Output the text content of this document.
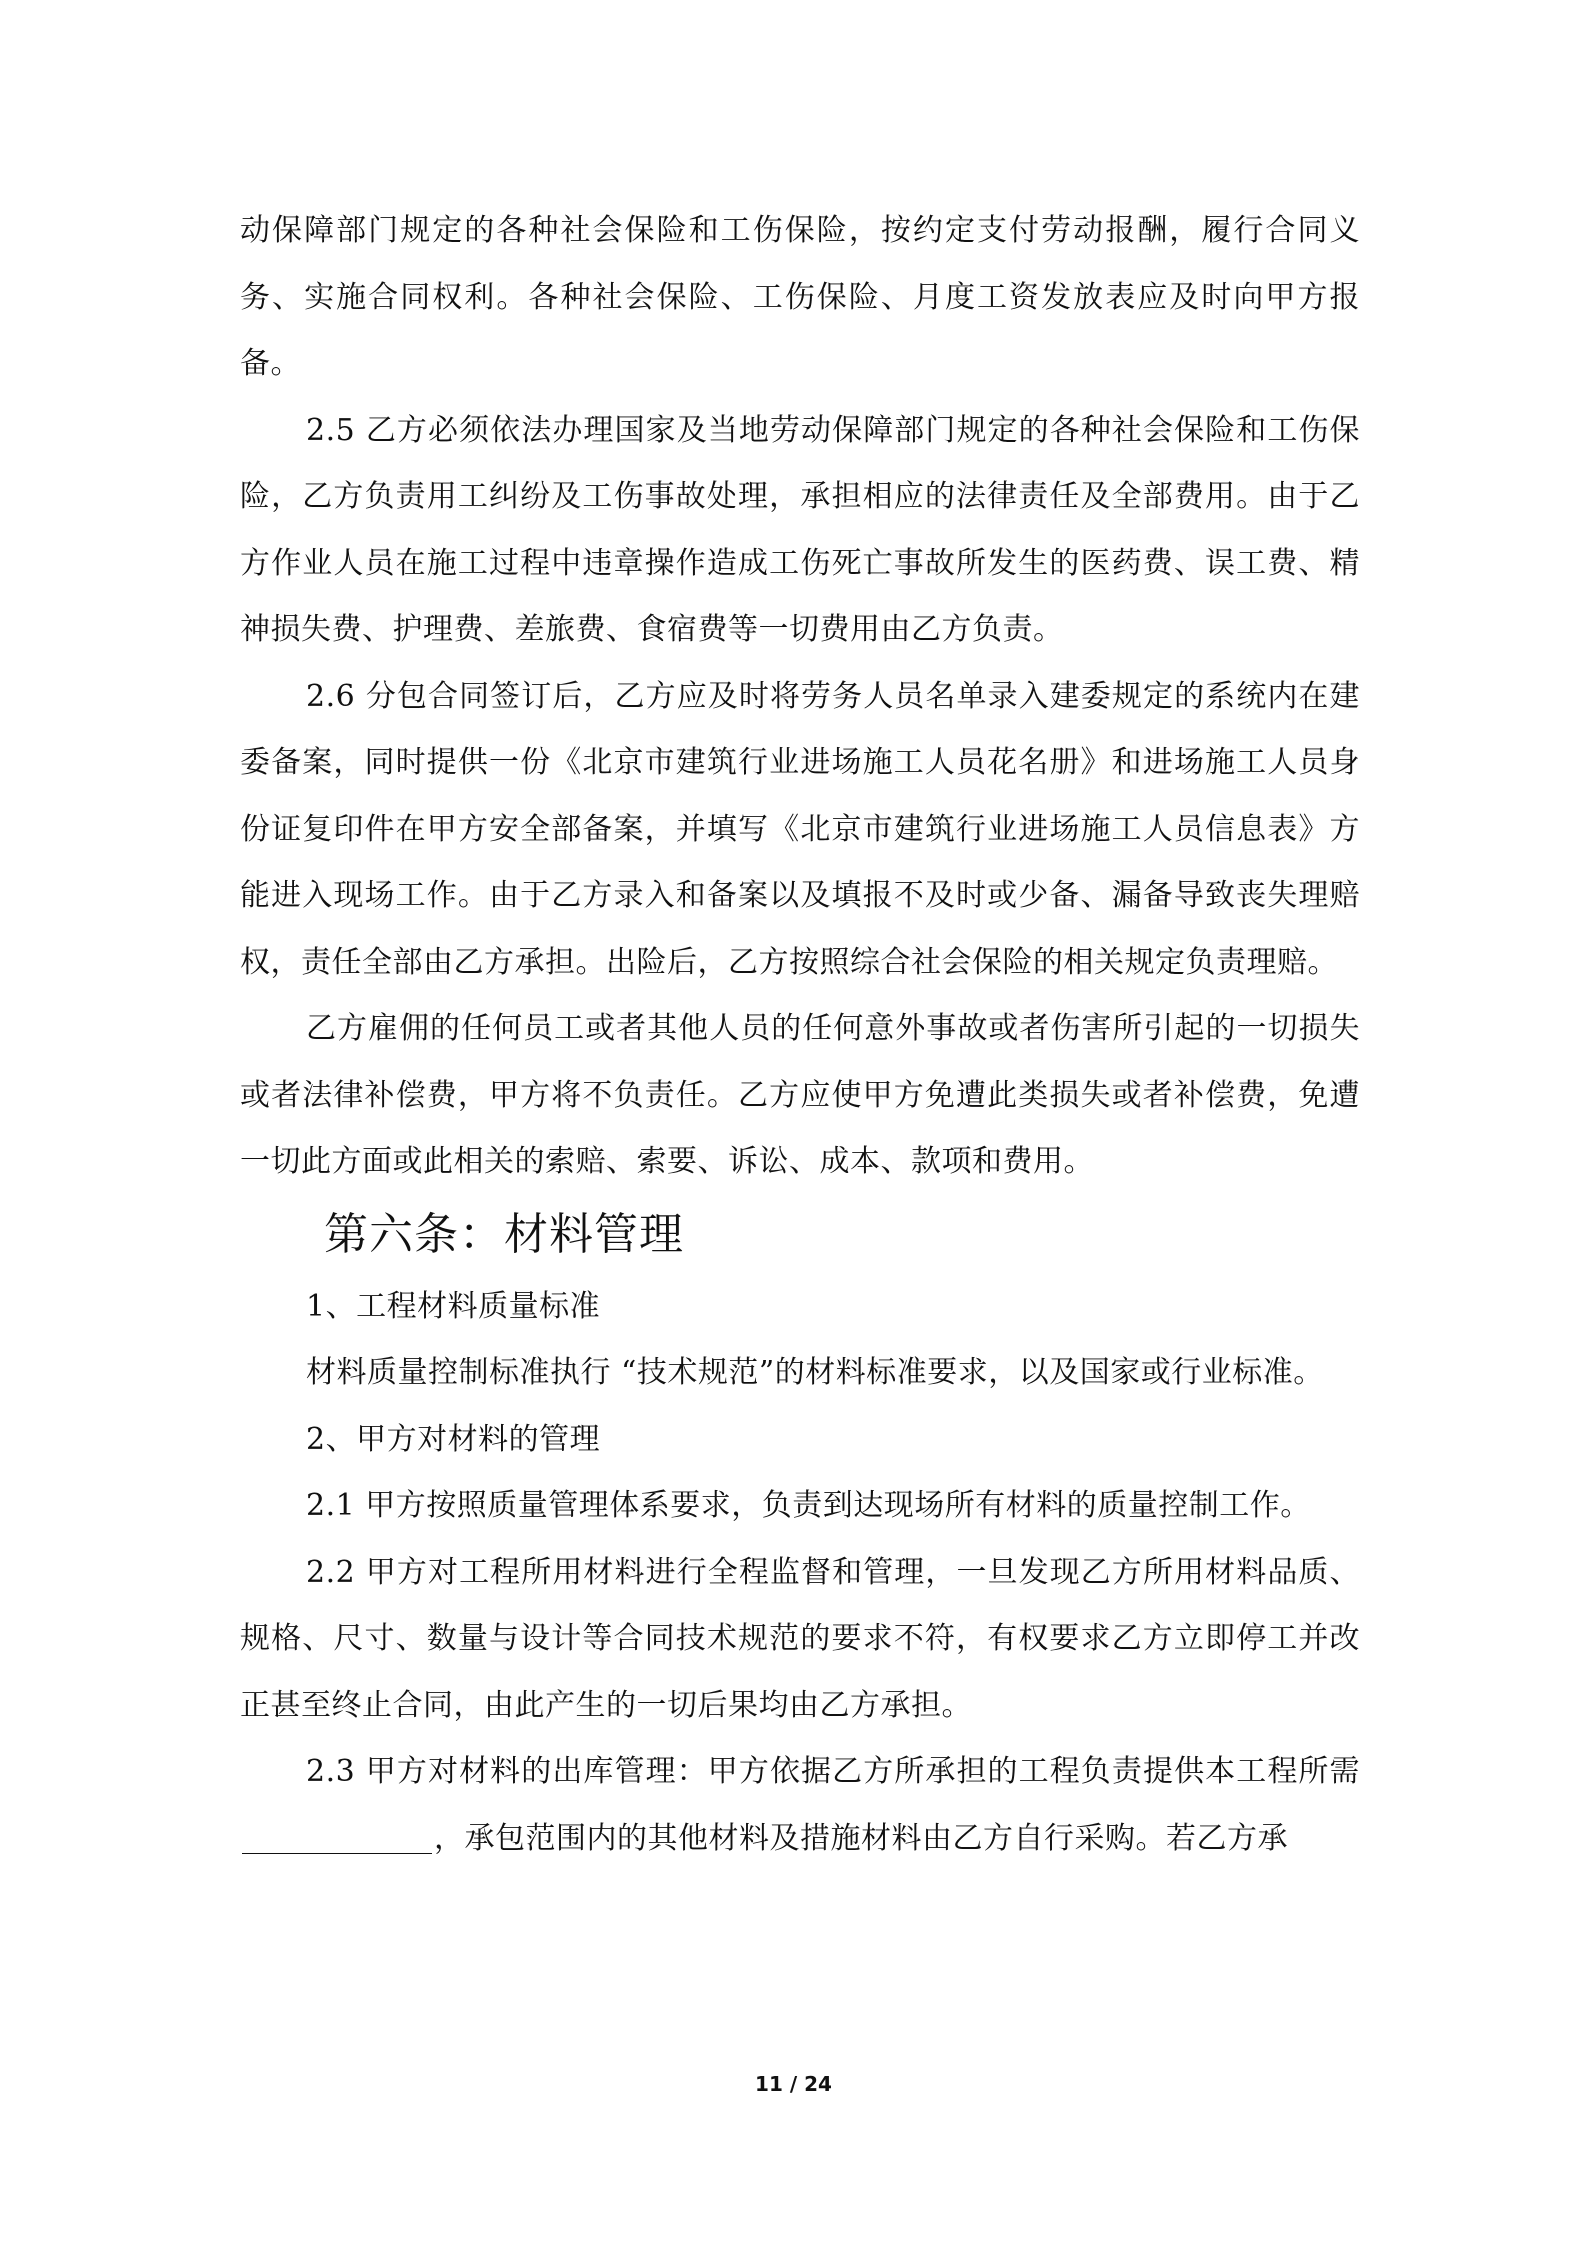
动保障部门规定的各种社会保险和工伤保险，按约定支付劳动报酬，履行合同义务、实施合同权利。各种社会保险、工伤保险、月度工资发放表应及时向甲方报备。

2.5 乙方必须依法办理国家及当地劳动保障部门规定的各种社会保险和工伤保险，乙方负责用工纠纷及工伤事故处理，承担相应的法律责任及全部费用。由于乙方作业人员在施工过程中违章操作造成工伤死亡事故所发生的医药费、误工费、精神损失费、护理费、差旅费、食宿费等一切费用由乙方负责。

2.6 分包合同签订后，乙方应及时将劳务人员名单录入建委规定的系统内在建委备案，同时提供一份《北京市建筑行业进场施工人员花名册》和进场施工人员身份证复印件在甲方安全部备案，并填写《北京市建筑行业进场施工人员信息表》方能进入现场工作。由于乙方录入和备案以及填报不及时或少备、漏备导致丧失理赔权，责任全部由乙方承担。出险后，乙方按照综合社会保险的相关规定负责理赔。

乙方雇佣的任何员工或者其他人员的任何意外事故或者伤害所引起的一切损失或者法律补偿费，甲方将不负责任。乙方应使甲方免遭此类损失或者补偿费，免遭一切此方面或此相关的索赔、索要、诉讼、成本、款项和费用。

第六条：材料管理

1、工程材料质量标准

材料质量控制标准执行 “技术规范”的材料标准要求，以及国家或行业标准。

2、甲方对材料的管理

2.1 甲方按照质量管理体系要求，负责到达现场所有材料的质量控制工作。

2.2 甲方对工程所用材料进行全程监督和管理，一旦发现乙方所用材料品质、规格、尺寸、数量与设计等合同技术规范的要求不符，有权要求乙方立即停工并改正甚至终止合同，由此产生的一切后果均由乙方承担。

2.3 甲方对材料的出库管理：甲方依据乙方所承担的工程负责提供本工程所需，承包范围内的其他材料及措施材料由乙方自行采购。若乙方承

11 / 24
